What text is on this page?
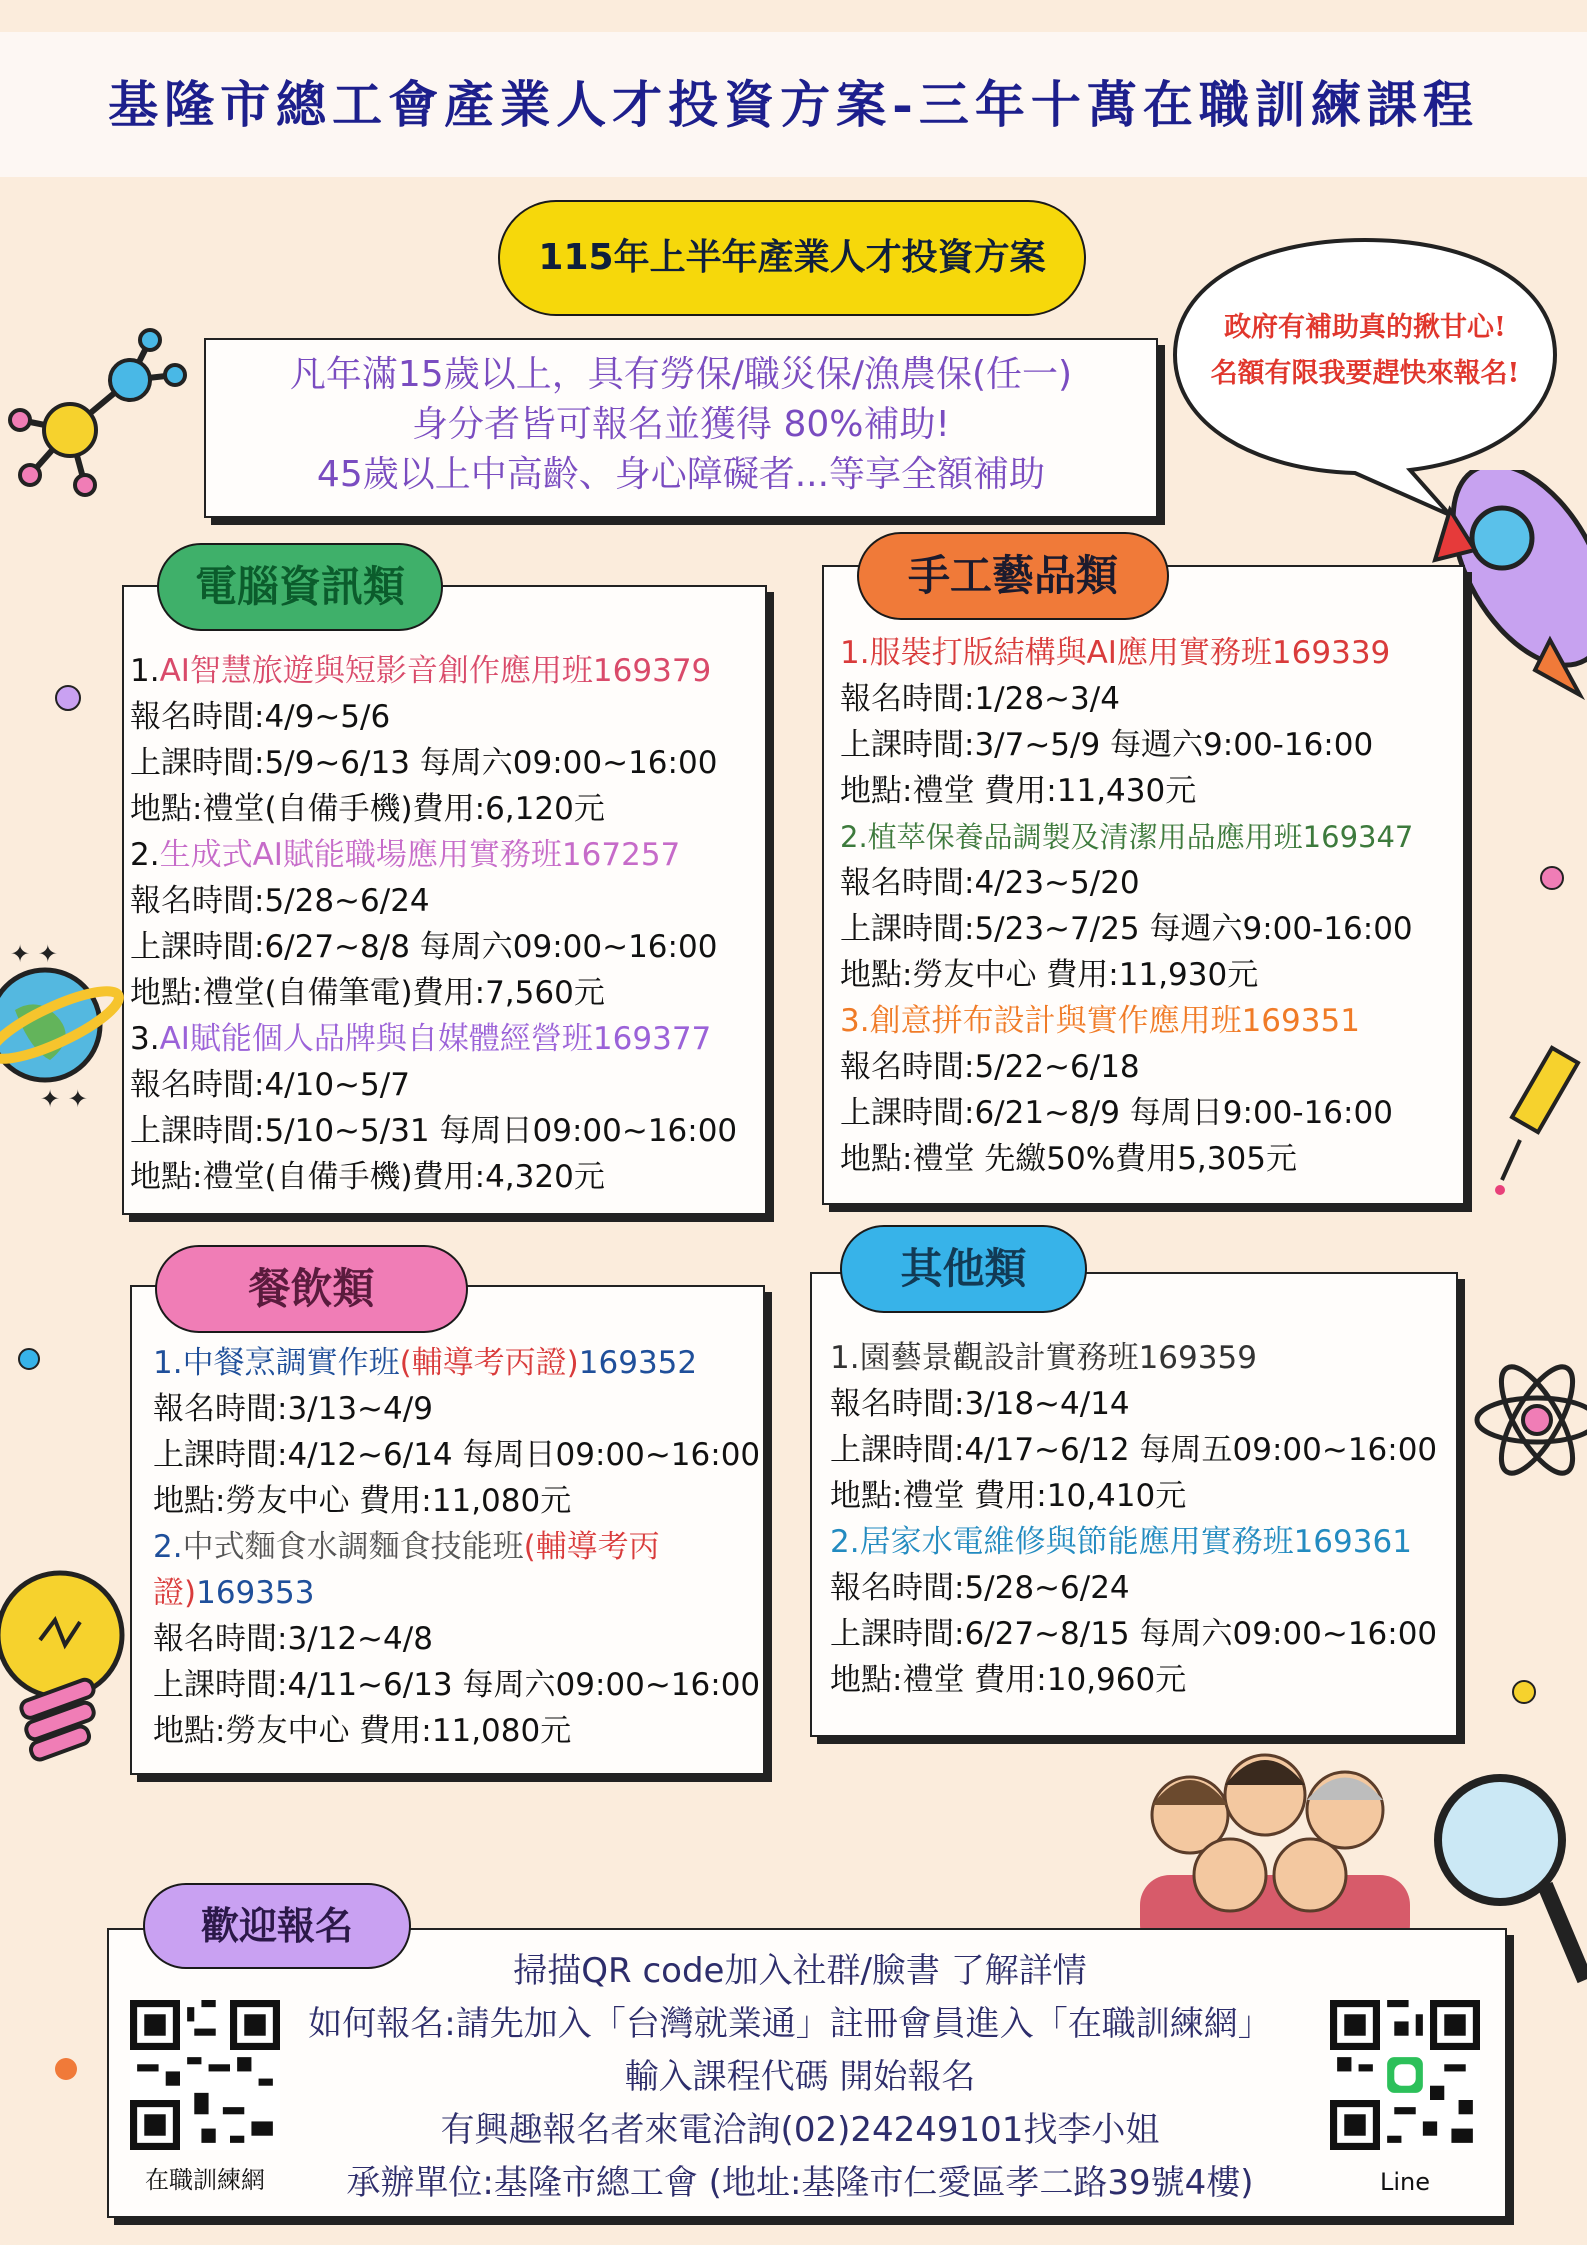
基隆市總工會產業人才投資方案-三年十萬在職訓練課程
115年上半年產業人才投資方案
凡年滿15歲以上，具有勞保/職災保/漁農保(任一)
身分者皆可報名並獲得 80%補助!
45歲以上中高齡、身心障礙者...等享全額補助
政府有補助真的揪甘心!
名額有限我要趕快來報名!
電腦資訊類
1.AI智慧旅遊與短影音創作應用班169379
報名時間:4/9~5/6
上課時間:5/9~6/13 每周六09:00~16:00
地點:禮堂(自備手機)費用:6,120元
2.生成式AI賦能職場應用實務班167257
報名時間:5/28~6/24
上課時間:6/27~8/8 每周六09:00~16:00
地點:禮堂(自備筆電)費用:7,560元
3.AI賦能個人品牌與自媒體經營班169377
報名時間:4/10~5/7
上課時間:5/10~5/31 每周日09:00~16:00
地點:禮堂(自備手機)費用:4,320元
手工藝品類
1.服裝打版結構與AI應用實務班169339
報名時間:1/28~3/4
上課時間:3/7~5/9 每週六9:00-16:00
地點:禮堂 費用:11,430元
2.植萃保養品調製及清潔用品應用班169347
報名時間:4/23~5/20
上課時間:5/23~7/25 每週六9:00-16:00
地點:勞友中心 費用:11,930元
3.創意拼布設計與實作應用班169351
報名時間:5/22~6/18
上課時間:6/21~8/9 每周日9:00-16:00
地點:禮堂 先繳50%費用5,305元
✦ ✦
✦ ✦
餐飲類
1.中餐烹調實作班(輔導考丙證)169352
報名時間:3/13~4/9
上課時間:4/12~6/14 每周日09:00~16:00
地點:勞友中心 費用:11,080元
2.中式麵食水調麵食技能班(輔導考丙
證)169353
報名時間:3/12~4/8
上課時間:4/11~6/13 每周六09:00~16:00
地點:勞友中心 費用:11,080元
其他類
1.園藝景觀設計實務班169359
報名時間:3/18~4/14
上課時間:4/17~6/12 每周五09:00~16:00
地點:禮堂 費用:10,410元
2.居家水電維修與節能應用實務班169361
報名時間:5/28~6/24
上課時間:6/27~8/15 每周六09:00~16:00
地點:禮堂 費用:10,960元
歡迎報名
掃描QR code加入社群/臉書 了解詳情
如何報名:請先加入「台灣就業通」註冊會員進入「在職訓練網」
輸入課程代碼 開始報名
有興趣報名者來電洽詢(02)24249101找李小姐
承辦單位:基隆市總工會 (地址:基隆市仁愛區孝二路39號4樓)
在職訓練網	Line
